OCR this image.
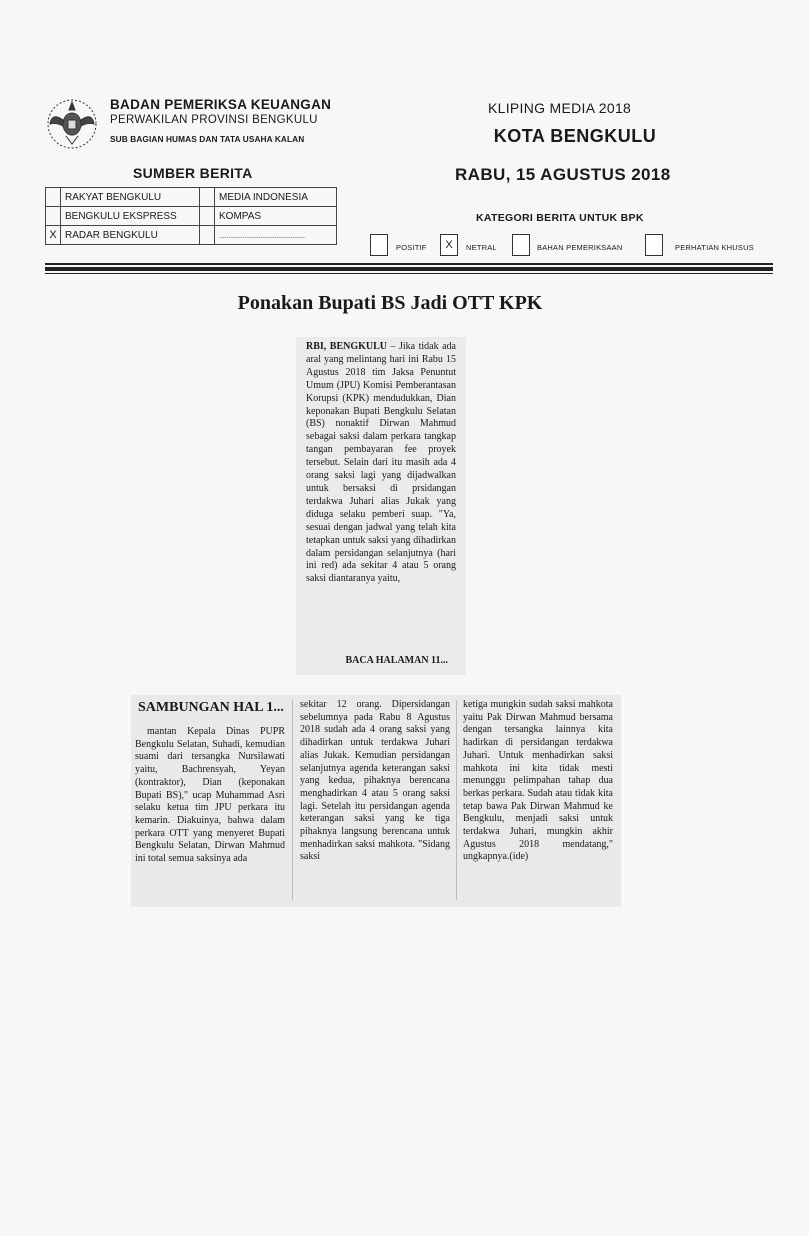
BADAN PEMERIKSA KEUANGAN
PERWAKILAN PROVINSI BENGKULU
SUB BAGIAN HUMAS DAN TATA USAHA KALAN
KLIPING MEDIA 2018
KOTA BENGKULU
SUMBER BERITA	RABU, 15 AGUSTUS 2018
	RAKYAT BENGKULU		MEDIA INDONESIA
	BENGKULU EKSPRESS		KOMPAS
X	RADAR BENGKULU		................................................
KATEGORI BERITA UNTUK BPK
POSITIF	X	NETRAL	BAHAN PEMERIKSAAN	PERHATIAN KHUSUS
Ponakan Bupati BS Jadi OTT KPK
RBI, BENGKULU – Jika tidak ada aral yang melintang hari ini Rabu 15 Agustus 2018 tim Jaksa Penuntut Umum (JPU) Komisi Pemberantasan Korupsi (KPK) mendudukkan, Dian keponakan Bupati Bengkulu Selatan (BS) nonaktif Dirwan Mahmud sebagai saksi dalam perkara tangkap tangan pembayaran fee proyek tersebut. Selain dari itu masih ada 4 orang saksi lagi yang dijadwalkan untuk bersaksi di prsidangan terdakwa Juhari alias Jukak yang diduga selaku pemberi suap. "Ya, sesuai dengan jadwal yang telah kita tetapkan untuk saksi yang dihadirkan dalam persidangan selanjutnya (hari ini red) ada sekitar 4 atau 5 orang saksi diantaranya yaitu,
BACA HALAMAN 11...
SAMBUNGAN HAL 1...
mantan Kepala Dinas PUPR Bengkulu Selatan, Suhadi, kemudian suami dari tersangka Nursilawati yaitu, Bachrensyah, Yeyan (kontraktor), Dian (keponakan Bupati BS)," ucap Muhammad Asri selaku ketua tim JPU perkara itu kemarin. Diakuinya, bahwa dalam perkara OTT yang menyeret Bupati Bengkulu Selatan, Dirwan Mahmud ini total semua saksinya ada
sekitar 12 orang. Dipersidangan sebelumnya pada Rabu 8 Agustus 2018 sudah ada 4 orang saksi yang dihadirkan untuk terdakwa Juhari alias Jukak. Kemudian persidangan selanjutnya agenda keterangan saksi yang kedua, pihaknya berencana menghadirkan 4 atau 5 orang saksi lagi. Setelah itu persidangan agenda keterangan saksi yang ke tiga pihaknya langsung berencana untuk menhadirkan saksi mahkota. "Sidang saksi
ketiga mungkin sudah saksi mahkota yaitu Pak Dirwan Mahmud bersama dengan tersangka lainnya kita hadirkan di persidangan terdakwa Juhari. Untuk menhadirkan saksi mahkota ini kita tidak mesti menunggu pelimpahan tahap dua berkas perkara. Sudah atau tidak kita tetap bawa Pak Dirwan Mahmud ke Bengkulu, menjadi saksi untuk terdakwa Juhari, mungkin akhir Agustus 2018 mendatang," ungkapnya.(ide)
